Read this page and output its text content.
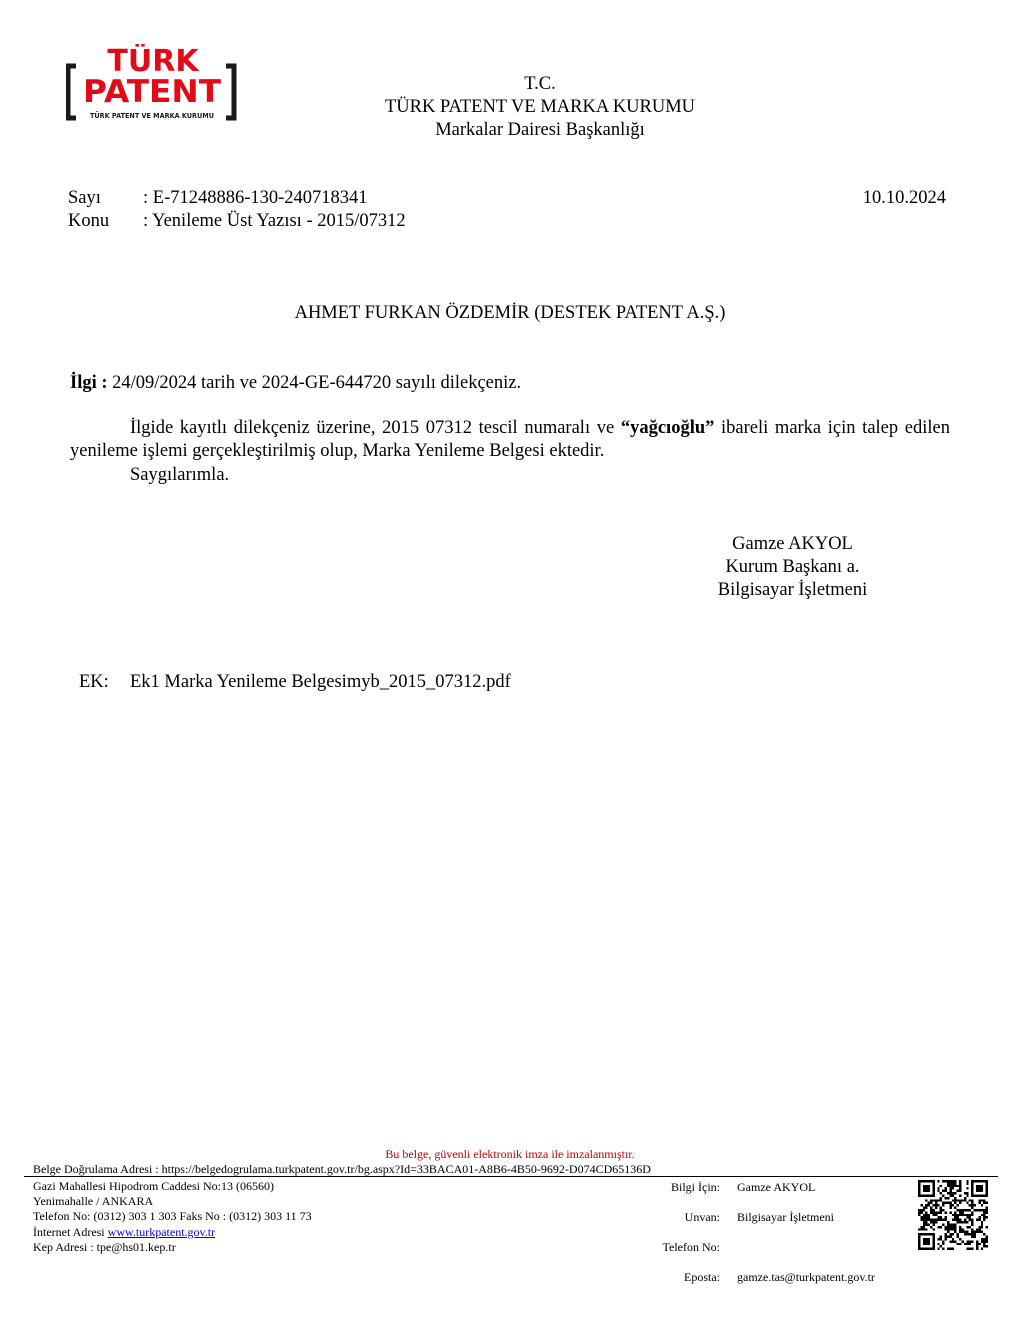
TÜRK
PATENT
TÜRK PATENT VE MARKA KURUMU
T.C.
TÜRK PATENT VE MARKA KURUMU
Markalar Dairesi Başkanlığı
Sayı : E-71248886-130-240718341
Konu : Yenileme Üst Yazısı - 2015/07312
10.10.2024
AHMET FURKAN ÖZDEMİR (DESTEK PATENT A.Ş.)
İlgi : 24/09/2024 tarih ve 2024-GE-644720 sayılı dilekçeniz.
İlgide kayıtlı dilekçeniz üzerine, 2015 07312 tescil numaralı ve “yağcıoğlu” ibareli marka için talep edilen yenileme işlemi gerçekleştirilmiş olup, Marka Yenileme Belgesi ektedir.
Saygılarımla.
Gamze AKYOL
Kurum Başkanı a.
Bilgisayar İşletmeni
EK: Ek1 Marka Yenileme Belgesimyb_2015_07312.pdf
Bu belge, güvenli elektronik imza ile imzalanmıştır.
Belge Doğrulama Adresi : https://belgedogrulama.turkpatent.gov.tr/bg.aspx?Id=33BACA01-A8B6-4B50-9692-D074CD65136D
Gazi Mahallesi Hipodrom Caddesi No:13 (06560)
Yenimahalle / ANKARA
Telefon No: (0312) 303 1 303 Faks No : (0312) 303 11 73
İnternet Adresi www.turkpatent.gov.tr
Kep Adresi : tpe@hs01.kep.tr
Bilgi İçin: Gamze AKYOL
Unvan: Bilgisayar İşletmeni
Telefon No:
Eposta: gamze.tas@turkpatent.gov.tr
